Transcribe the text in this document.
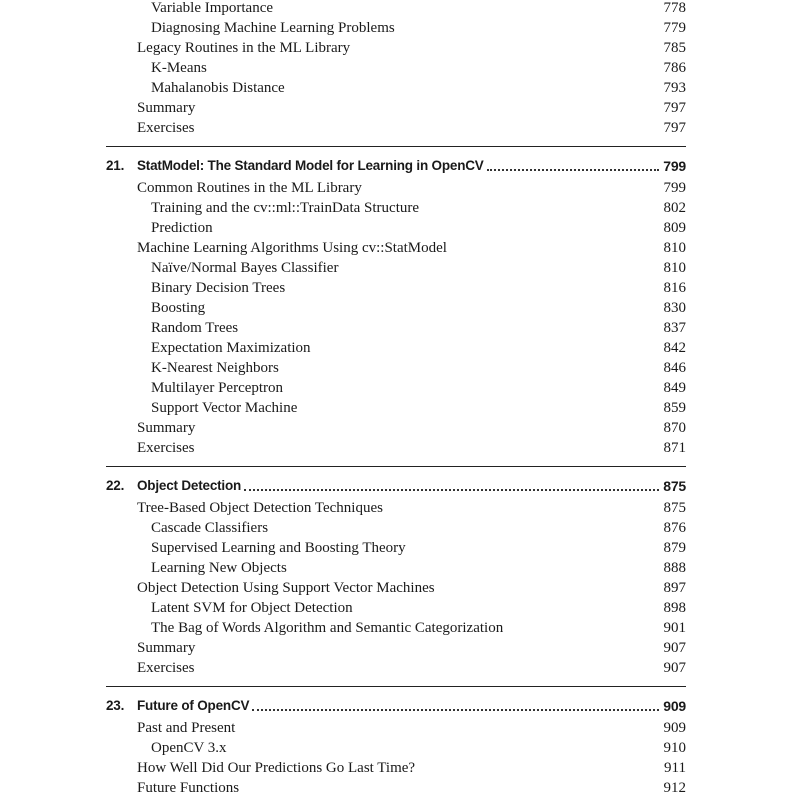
Variable Importance	778
Diagnosing Machine Learning Problems	779
Legacy Routines in the ML Library	785
K-Means	786
Mahalanobis Distance	793
Summary	797
Exercises	797
21. StatModel: The Standard Model for Learning in OpenCV	799
Common Routines in the ML Library	799
Training and the cv::ml::TrainData Structure	802
Prediction	809
Machine Learning Algorithms Using cv::StatModel	810
Naïve/Normal Bayes Classifier	810
Binary Decision Trees	816
Boosting	830
Random Trees	837
Expectation Maximization	842
K-Nearest Neighbors	846
Multilayer Perceptron	849
Support Vector Machine	859
Summary	870
Exercises	871
22. Object Detection	875
Tree-Based Object Detection Techniques	875
Cascade Classifiers	876
Supervised Learning and Boosting Theory	879
Learning New Objects	888
Object Detection Using Support Vector Machines	897
Latent SVM for Object Detection	898
The Bag of Words Algorithm and Semantic Categorization	901
Summary	907
Exercises	907
23. Future of OpenCV	909
Past and Present	909
OpenCV 3.x	910
How Well Did Our Predictions Go Last Time?	911
Future Functions	912
